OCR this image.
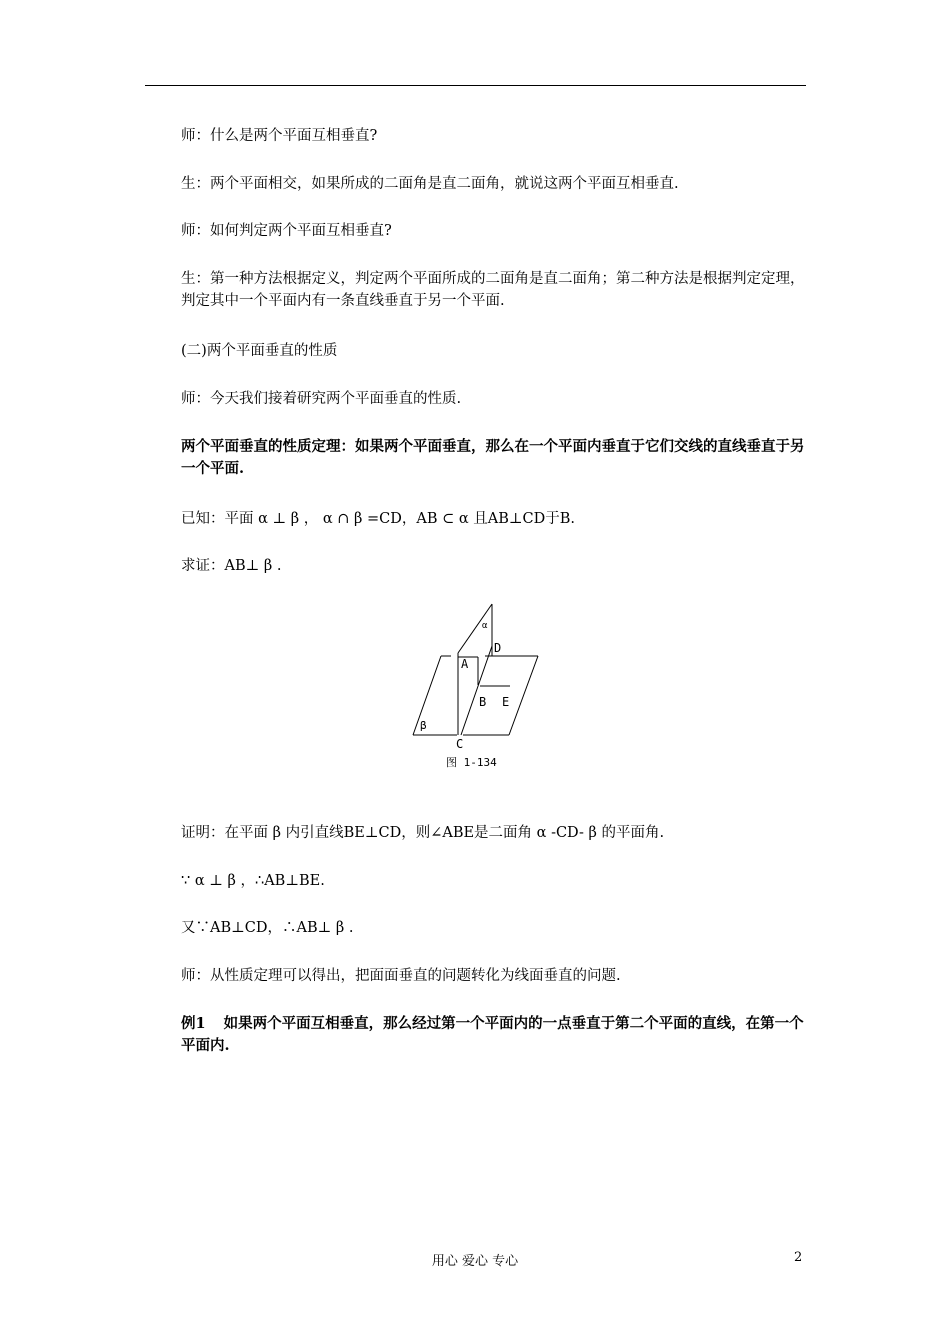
师：什么是两个平面互相垂直?
生：两个平面相交，如果所成的二面角是直二面角，就说这两个平面互相垂直.
师：如何判定两个平面互相垂直?
生：第一种方法根据定义，判定两个平面所成的二面角是直二面角；第二种方法是根据判定定理，判定其中一个平面内有一条直线垂直于另一个平面.
(二)两个平面垂直的性质
师：今天我们接着研究两个平面垂直的性质.
两个平面垂直的性质定理：如果两个平面垂直，那么在一个平面内垂直于它们交线的直线垂直于另一个平面.
已知：平面 α ⊥ β ， α ∩ β =CD，AB ⊂ α 且AB⊥CD于B.
求证：AB⊥ β .
α
β
A
B
C
D
E
图 1-134
证明：在平面 β 内引直线BE⊥CD，则∠ABE是二面角 α -CD- β 的平面角.
∵ α ⊥ β ，∴AB⊥BE.
又∵AB⊥CD，∴AB⊥ β .
师：从性质定理可以得出，把面面垂直的问题转化为线面垂直的问题.
例1 如果两个平面互相垂直，那么经过第一个平面内的一点垂直于第二个平面的直线，在第一个平面内.
用心 爱心 专心	2
